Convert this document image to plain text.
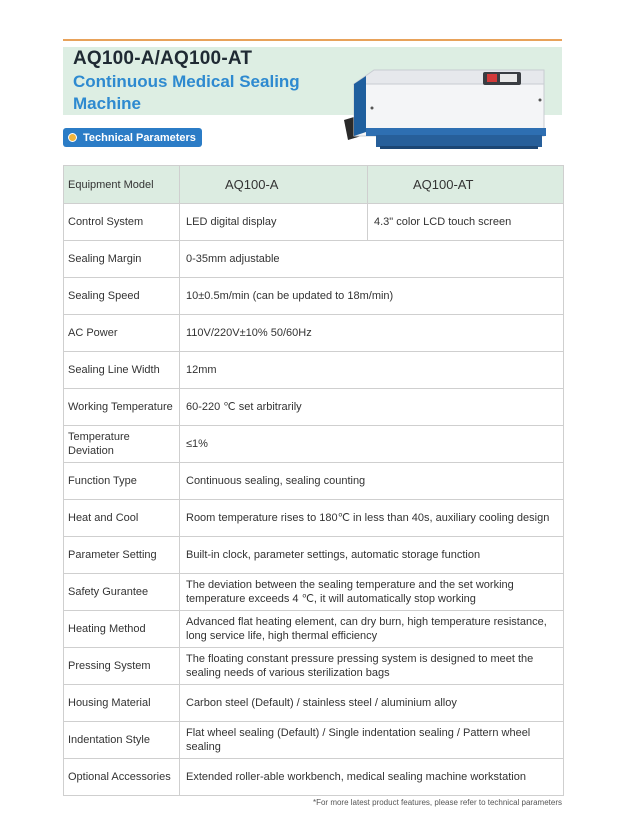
AQ100-A/AQ100-AT
Continuous Medical Sealing Machine
Technical Parameters
Equipment Model	AQ100-A	AQ100-AT
Control System	LED digital display	4.3" color LCD touch screen
Sealing Margin	0-35mm adjustable	
Sealing Speed	10±0.5m/min (can be updated to 18m/min)	
AC Power	110V/220V±10% 50/60Hz	
Sealing Line Width	12mm	
Working Temperature	60-220 ℃ set arbitrarily	
Temperature Deviation	≤1%	
Function Type	Continuous sealing, sealing counting	
Heat and Cool	Room temperature rises to 180℃ in less than 40s, auxiliary cooling design	
Parameter Setting	Built-in clock, parameter settings, automatic storage function	
Safety Gurantee	The deviation between the sealing temperature and the set working temperature exceeds 4 ℃, it will automatically stop working	
Heating Method	Advanced flat heating element, can dry burn, high temperature resistance, long service life, high thermal efficiency	
Pressing System	The floating constant pressure pressing system is designed to meet the sealing needs of various sterilization bags	
Housing Material	Carbon steel (Default) / stainless steel / aluminium alloy	
Indentation Style	Flat wheel sealing (Default) / Single indentation sealing / Pattern wheel sealing	
Optional Accessories	Extended roller-able workbench, medical sealing machine workstation	
*For more latest product features, please refer to technical parameters
